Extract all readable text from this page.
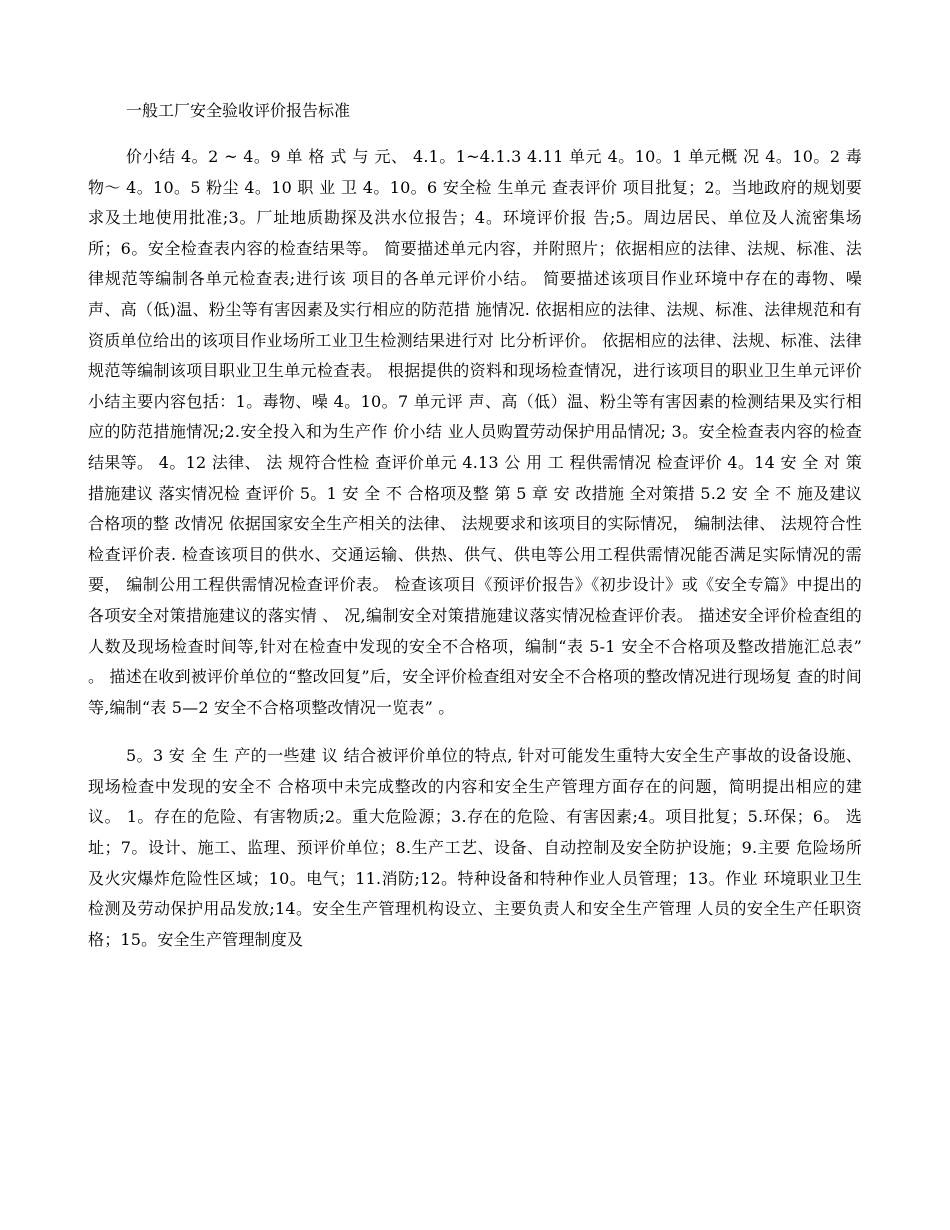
一般工厂安全验收评价报告标准

价小结 4。2 ~ 4。9 单 格 式 与 元、 4.1。1~4.1.3 4.11 单元 4。10。1 单元概 况 4。10。2 毒物～ 4。10。5 粉尘 4。10 职 业 卫 4。10。6 安全检 生单元 查表评价 项目批复；2。当地政府的规划要求及土地使用批准;3。厂址地质勘探及洪水位报告；4。环境评价报 告;5。周边居民、单位及人流密集场所；6。安全检查表内容的检查结果等。 简要描述单元内容，并附照片；依据相应的法律、法规、标准、法律规范等编制各单元检查表;进行该 项目的各单元评价小结。 简要描述该项目作业环境中存在的毒物、噪声、高（低)温、粉尘等有害因素及实行相应的防范措 施情况. 依据相应的法律、法规、标准、法律规范和有资质单位给出的该项目作业场所工业卫生检测结果进行对 比分析评价。 依据相应的法律、法规、标准、法律规范等编制该项目职业卫生单元检查表。 根据提供的资料和现场检查情况，进行该项目的职业卫生单元评价小结主要内容包括：1。毒物、噪 4。10。7 单元评 声、高（低）温、粉尘等有害因素的检测结果及实行相应的防范措施情况;2.安全投入和为生产作 价小结 业人员购置劳动保护用品情况; 3。安全检查表内容的检查结果等。 4。12 法律、 法 规符合性检 查评价单元 4.13 公 用 工 程供需情况 检查评价 4。14 安 全 对 策措施建议 落实情况检 查评价 5。1 安 全 不 合格项及整 第 5 章 安 改措施 全对策措 5.2 安 全 不 施及建议 合格项的整 改情况 依据国家安全生产相关的法律、 法规要求和该项目的实际情况， 编制法律、 法规符合性检查评价表. 检查该项目的供水、交通运输、供热、供气、供电等公用工程供需情况能否满足实际情况的需要， 编制公用工程供需情况检查评价表。 检查该项目《预评价报告》《初步设计》或《安全专篇》中提出的各项安全对策措施建议的落实情 、 况,编制安全对策措施建议落实情况检查评价表。 描述安全评价检查组的人数及现场检查时间等,针对在检查中发现的安全不合格项，编制“表 5-1 安全不合格项及整改措施汇总表” 。 描述在收到被评价单位的“整改回复”后，安全评价检查组对安全不合格项的整改情况进行现场复 查的时间等,编制“表 5—2 安全不合格项整改情况一览表” 。

5。3 安 全 生 产的一些建 议 结合被评价单位的特点, 针对可能发生重特大安全生产事故的设备设施、 现场检查中发现的安全不 合格项中未完成整改的内容和安全生产管理方面存在的问题，简明提出相应的建议。 1。存在的危险、有害物质;2。重大危险源；3.存在的危险、有害因素;4。项目批复；5.环保；6。 选址；7。设计、施工、监理、预评价单位；8.生产工艺、设备、自动控制及安全防护设施；9.主要 危险场所及火灾爆炸危险性区域；10。电气；11.消防;12。特种设备和特种作业人员管理；13。作业 环境职业卫生检测及劳动保护用品发放;14。安全生产管理机构设立、主要负责人和安全生产管理 人员的安全生产任职资格；15。安全生产管理制度及
